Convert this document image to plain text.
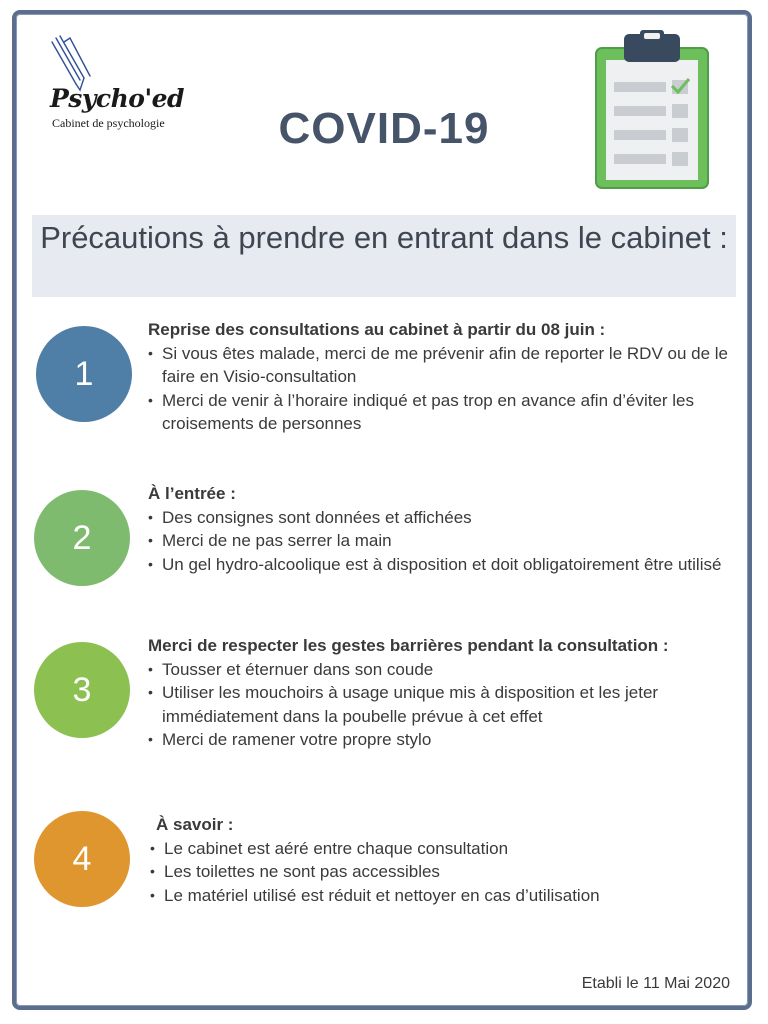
Psycho'ed
Cabinet de psychologie	COVID-19
Précautions à prendre en entrant dans le cabinet :
1
Reprise des consultations au cabinet à partir du 08 juin :
• Si vous êtes malade, merci de me prévenir afin de reporter le RDV ou de le faire en Visio-consultation
• Merci de venir à l’horaire indiqué et pas trop en avance afin d’éviter les croisements de personnes
2
À l’entrée :
• Des consignes sont données et affichées
• Merci de ne pas serrer la main
• Un gel hydro-alcoolique est à disposition et doit obligatoirement être utilisé
3
Merci de respecter les gestes barrières pendant la consultation :
• Tousser et éternuer dans son coude
• Utiliser les mouchoirs à usage unique mis à disposition et les jeter immédiatement dans la poubelle prévue à cet effet
• Merci de ramener votre propre stylo
4
À savoir :
• Le cabinet est aéré entre chaque consultation
• Les toilettes ne sont pas accessibles
• Le matériel utilisé est réduit et nettoyer en cas d’utilisation
Etabli le 11 Mai 2020
